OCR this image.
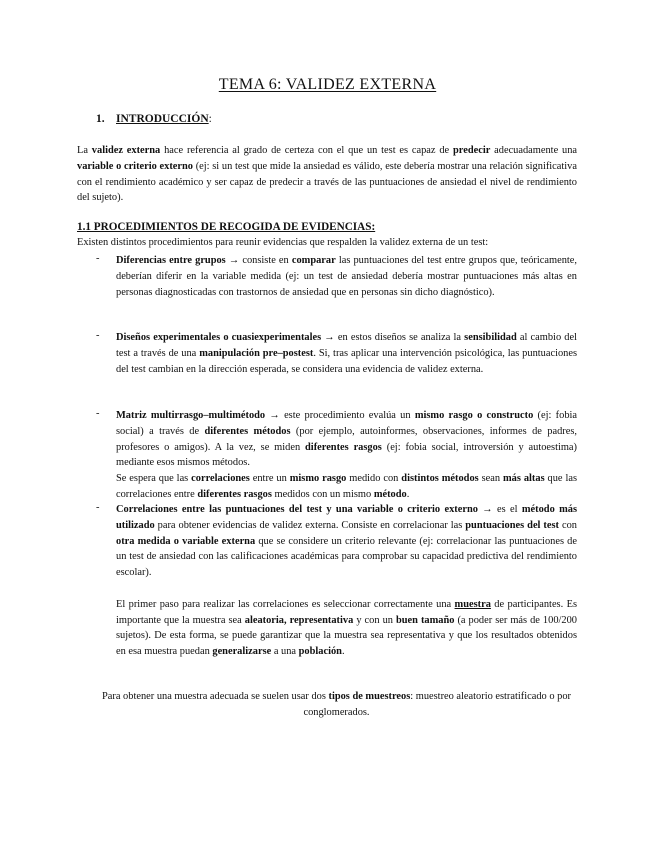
TEMA 6: VALIDEZ EXTERNA
1. INTRODUCCIÓN:
La validez externa hace referencia al grado de certeza con el que un test es capaz de predecir adecuadamente una variable o criterio externo (ej: si un test que mide la ansiedad es válido, este debería mostrar una relación significativa con el rendimiento académico y ser capaz de predecir a través de las puntuaciones de ansiedad el nivel de rendimiento del sujeto).
1.1 PROCEDIMIENTOS DE RECOGIDA DE EVIDENCIAS:
Existen distintos procedimientos para reunir evidencias que respalden la validez externa de un test:
- Diferencias entre grupos → consiste en comparar las puntuaciones del test entre grupos que, teóricamente, deberían diferir en la variable medida (ej: un test de ansiedad debería mostrar puntuaciones más altas en personas diagnosticadas con trastornos de ansiedad que en personas sin dicho diagnóstico).
- Diseños experimentales o cuasiexperimentales → en estos diseños se analiza la sensibilidad al cambio del test a través de una manipulación pre–postest. Si, tras aplicar una intervención psicológica, las puntuaciones del test cambian en la dirección esperada, se considera una evidencia de validez externa.
- Matriz multirrasgo–multimétodo → este procedimiento evalúa un mismo rasgo o constructo (ej: fobia social) a través de diferentes métodos (por ejemplo, autoinformes, observaciones, informes de padres, profesores o amigos). A la vez, se miden diferentes rasgos (ej: fobia social, introversión y autoestima) mediante esos mismos métodos.
Se espera que las correlaciones entre un mismo rasgo medido con distintos métodos sean más altas que las correlaciones entre diferentes rasgos medidos con un mismo método.
- Correlaciones entre las puntuaciones del test y una variable o criterio externo → es el método más utilizado para obtener evidencias de validez externa. Consiste en correlacionar las puntuaciones del test con otra medida o variable externa que se considere un criterio relevante (ej: correlacionar las puntuaciones de un test de ansiedad con las calificaciones académicas para comprobar su capacidad predictiva del rendimiento escolar).

El primer paso para realizar las correlaciones es seleccionar correctamente una muestra de participantes. Es importante que la muestra sea aleatoria, representativa y con un buen tamaño (a poder ser más de 100/200 sujetos). De esta forma, se puede garantizar que la muestra sea representativa y que los resultados obtenidos en esa muestra puedan generalizarse a una población.
Para obtener una muestra adecuada se suelen usar dos tipos de muestreos: muestreo aleatorio estratificado o por conglomerados.
